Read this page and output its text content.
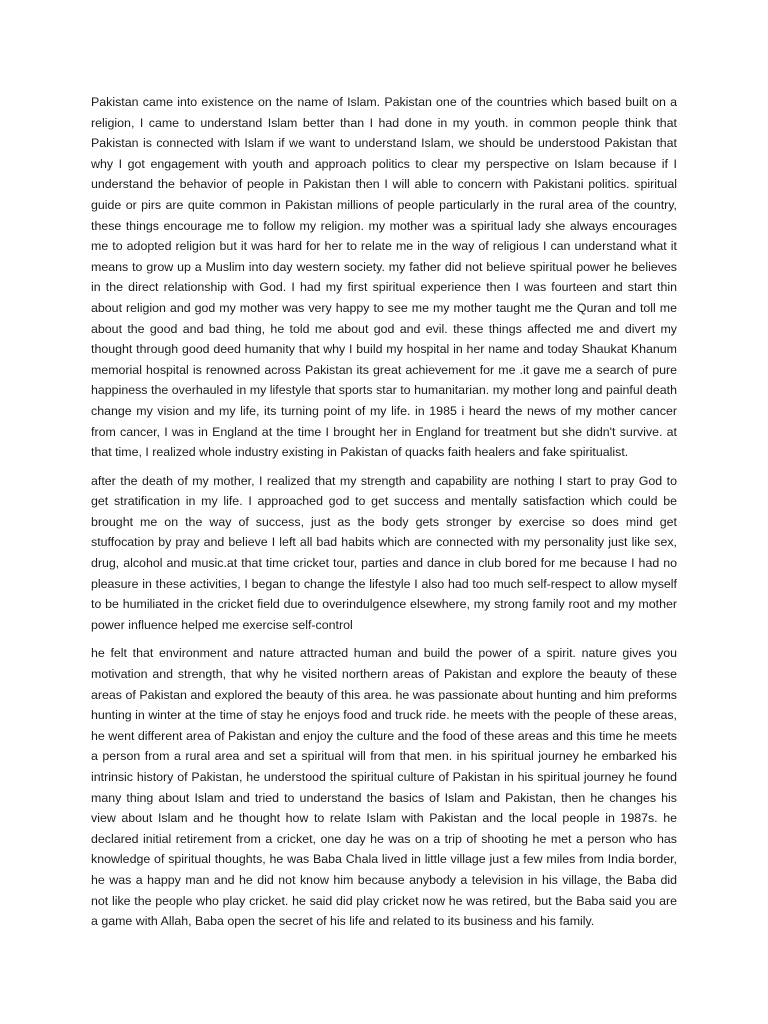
Pakistan came into existence on the name of Islam. Pakistan one of the countries which based built on a religion, I came to understand Islam better than I had done in my youth. in common people think that Pakistan is connected with Islam if we want to understand Islam, we should be understood Pakistan that why I got engagement with youth and approach politics to clear my perspective on Islam because if I understand the behavior of people in Pakistan then I will able to concern with Pakistani politics. spiritual guide or pirs are quite common in Pakistan millions of people particularly in the rural area of the country, these things encourage me to follow my religion. my mother was a spiritual lady she always encourages me to adopted religion but it was hard for her to relate me in the way of religious I can understand what it means to grow up a Muslim into day western society. my father did not believe spiritual power he believes in the direct relationship with God. I had my first spiritual experience then I was fourteen and start thin about religion and god my mother was very happy to see me my mother taught me the Quran and toll me about the good and bad thing, he told me about god and evil. these things affected me and divert my thought through good deed humanity that why I build my hospital in her name and today Shaukat Khanum memorial hospital is renowned across Pakistan its great achievement for me .it gave me a search of pure happiness the overhauled in my lifestyle that sports star to humanitarian. my mother long and painful death change my vision and my life, its turning point of my life. in 1985 i heard the news of my mother cancer from cancer, I was in England at the time I brought her in England for treatment but she didn't survive. at that time, I realized whole industry existing in Pakistan of quacks faith healers and fake spiritualist.

after the death of my mother, I realized that my strength and capability are nothing I start to pray God to get stratification in my life. I approached god to get success and mentally satisfaction which could be brought me on the way of success, just as the body gets stronger by exercise so does mind get stuffocation by pray and believe I left all bad habits which are connected with my personality just like sex, drug, alcohol and music.at that time cricket tour, parties and dance in club bored for me because I had no pleasure in these activities, I began to change the lifestyle I also had too much self-respect to allow myself to be humiliated in the cricket field due to overindulgence elsewhere, my strong family root and my mother power influence helped me exercise self-control

he felt that environment and nature attracted human and build the power of a spirit. nature gives you motivation and strength, that why he visited northern areas of Pakistan and explore the beauty of these areas of Pakistan and explored the beauty of this area. he was passionate about hunting and him preforms hunting in winter at the time of stay he enjoys food and truck ride. he meets with the people of these areas, he went different area of Pakistan and enjoy the culture and the food of these areas and this time he meets a person from a rural area and set a spiritual will from that men. in his spiritual journey he embarked his intrinsic history of Pakistan, he understood the spiritual culture of Pakistan in his spiritual journey he found many thing about Islam and tried to understand the basics of Islam and Pakistan, then he changes his view about Islam and he thought how to relate Islam with Pakistan and the local people in 1987s. he declared initial retirement from a cricket, one day he was on a trip of shooting he met a person who has knowledge of spiritual thoughts, he was Baba Chala lived in little village just a few miles from India border, he was a happy man and he did not know him because anybody a television in his village, the Baba did not like the people who play cricket. he said did play cricket now he was retired, but the Baba said you are a game with Allah, Baba open the secret of his life and related to its business and his family.
